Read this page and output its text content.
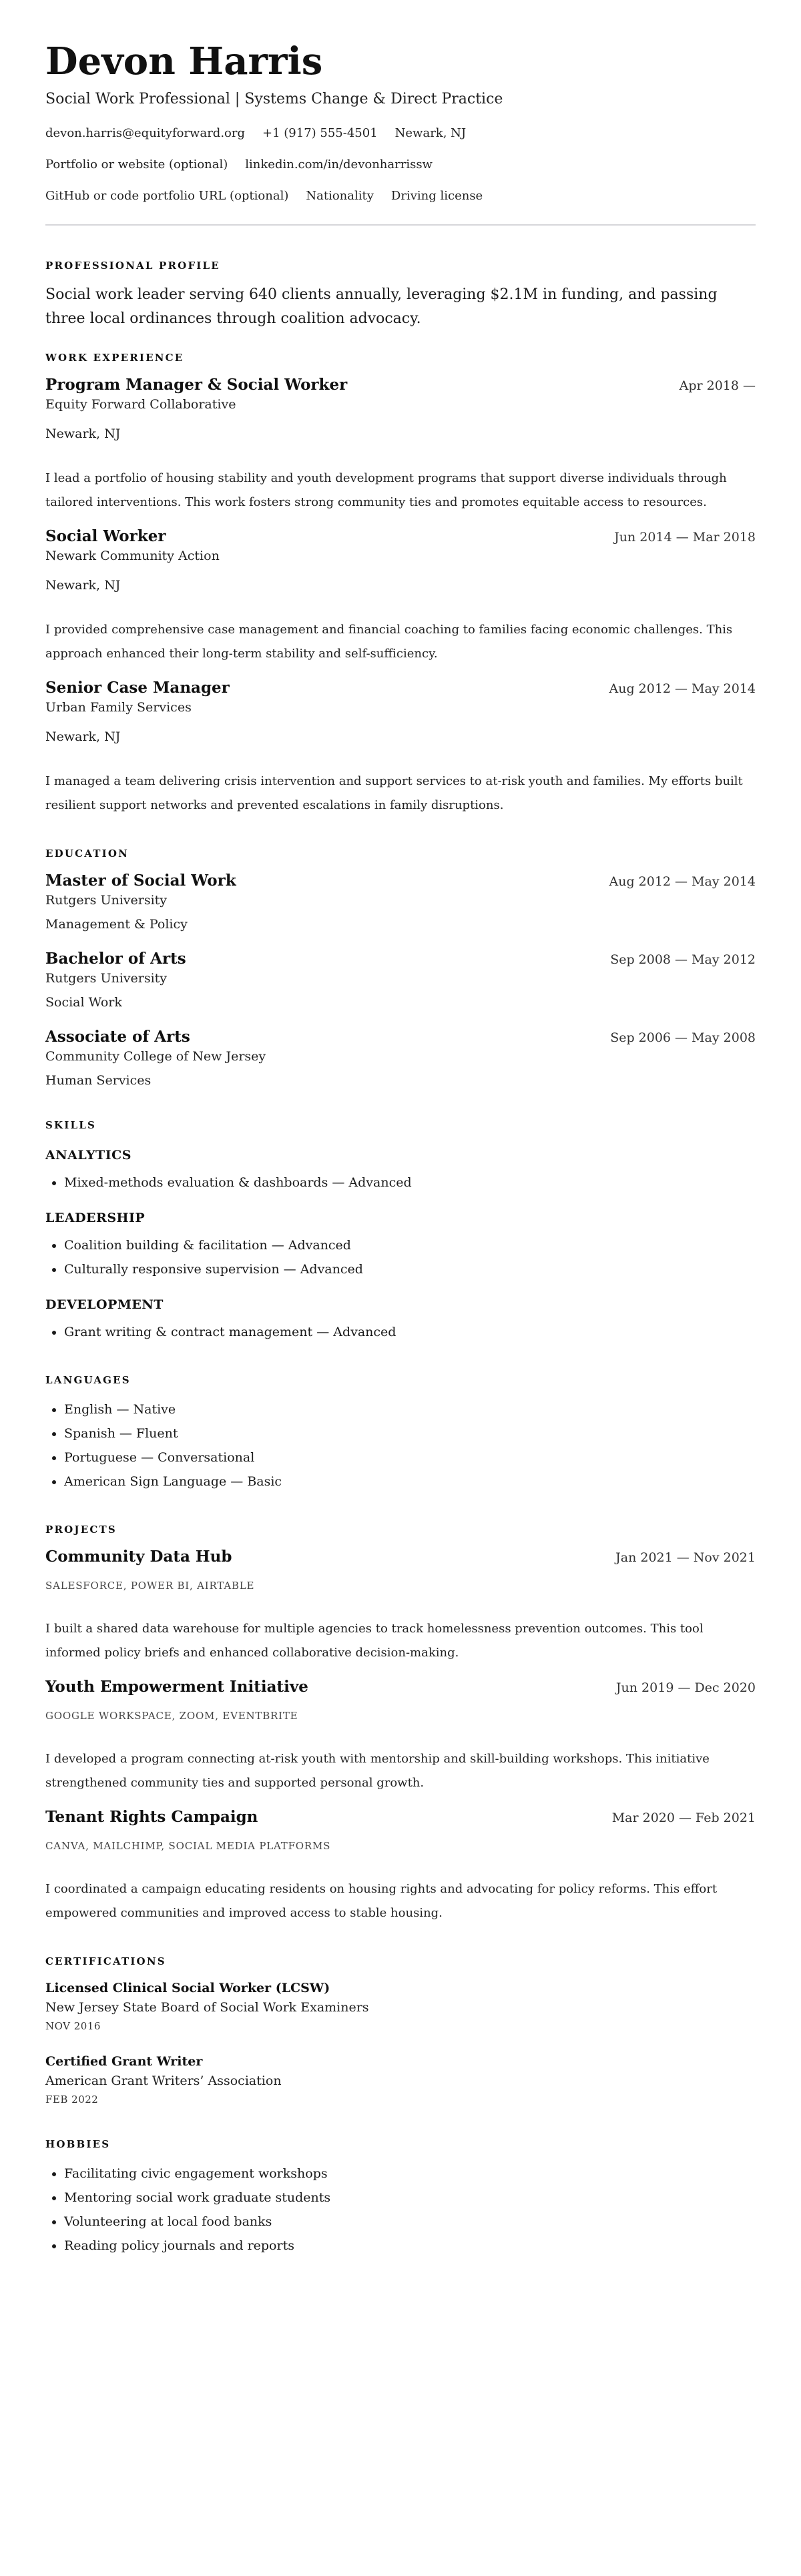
Devon Harris
Social Work Professional | Systems Change & Direct Practice
devon.harris@equityforward.org +1 (917) 555-4501 Newark, NJ
Portfolio or website (optional) linkedin.com/in/devonharrissw
GitHub or code portfolio URL (optional) Nationality Driving license
PROFESSIONAL PROFILE

Social work leader serving 640 clients annually, leveraging $2.1M in funding, and passing three local ordinances through coalition advocacy.

WORK EXPERIENCE
Program Manager & Social Worker	Apr 2018 —
Equity Forward Collaborative
Newark, NJ
I lead a portfolio of housing stability and youth development programs that support diverse individuals through tailored interventions. This work fosters strong community ties and promotes equitable access to resources.
Social Worker	Jun 2014 — Mar 2018
Newark Community Action
Newark, NJ
I provided comprehensive case management and financial coaching to families facing economic challenges. This approach enhanced their long-term stability and self-sufficiency.
Senior Case Manager	Aug 2012 — May 2014
Urban Family Services
Newark, NJ
I managed a team delivering crisis intervention and support services to at-risk youth and families. My efforts built resilient support networks and prevented escalations in family disruptions.
EDUCATION
Master of Social Work	Aug 2012 — May 2014
Rutgers University
Management & Policy
Bachelor of Arts	Sep 2008 — May 2012
Rutgers University
Social Work
Associate of Arts	Sep 2006 — May 2008
Community College of New Jersey
Human Services
SKILLS
ANALYTICS
• Mixed-methods evaluation & dashboards — Advanced
LEADERSHIP
• Coalition building & facilitation — Advanced
• Culturally responsive supervision — Advanced
DEVELOPMENT
• Grant writing & contract management — Advanced
LANGUAGES
• English — Native
• Spanish — Fluent
• Portuguese — Conversational
• American Sign Language — Basic
PROJECTS
Community Data Hub	Jan 2021 — Nov 2021
SALESFORCE, POWER BI, AIRTABLE
I built a shared data warehouse for multiple agencies to track homelessness prevention outcomes. This tool informed policy briefs and enhanced collaborative decision-making.
Youth Empowerment Initiative	Jun 2019 — Dec 2020
GOOGLE WORKSPACE, ZOOM, EVENTBRITE
I developed a program connecting at-risk youth with mentorship and skill-building workshops. This initiative strengthened community ties and supported personal growth.
Tenant Rights Campaign	Mar 2020 — Feb 2021
CANVA, MAILCHIMP, SOCIAL MEDIA PLATFORMS
I coordinated a campaign educating residents on housing rights and advocating for policy reforms. This effort empowered communities and improved access to stable housing.
CERTIFICATIONS
Licensed Clinical Social Worker (LCSW)
New Jersey State Board of Social Work Examiners
NOV 2016
Certified Grant Writer
American Grant Writers’ Association
FEB 2022
HOBBIES
• Facilitating civic engagement workshops
• Mentoring social work graduate students
• Volunteering at local food banks
• Reading policy journals and reports
